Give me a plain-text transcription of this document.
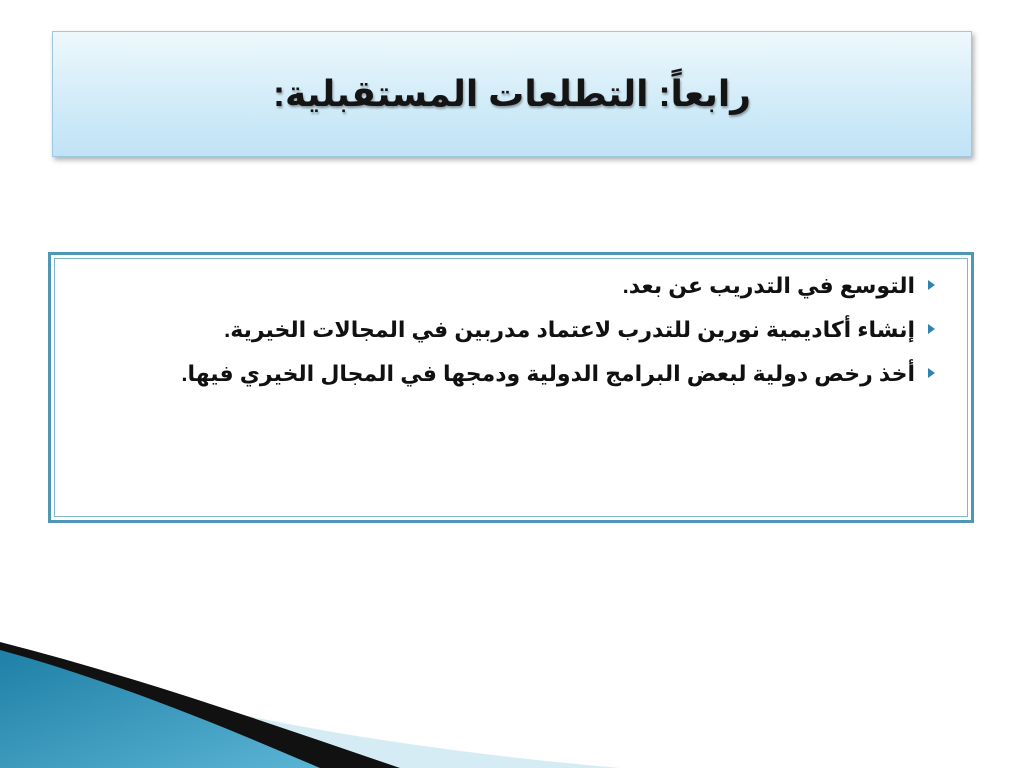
رابعاً: التطلعات المستقبلية:
التوسع في التدريب عن بعد.
إنشاء أكاديمية نورين للتدرب لاعتماد مدربين في المجالات الخيرية.
أخذ رخص دولية لبعض البرامج الدولية ودمجها في المجال الخيري فيها.
